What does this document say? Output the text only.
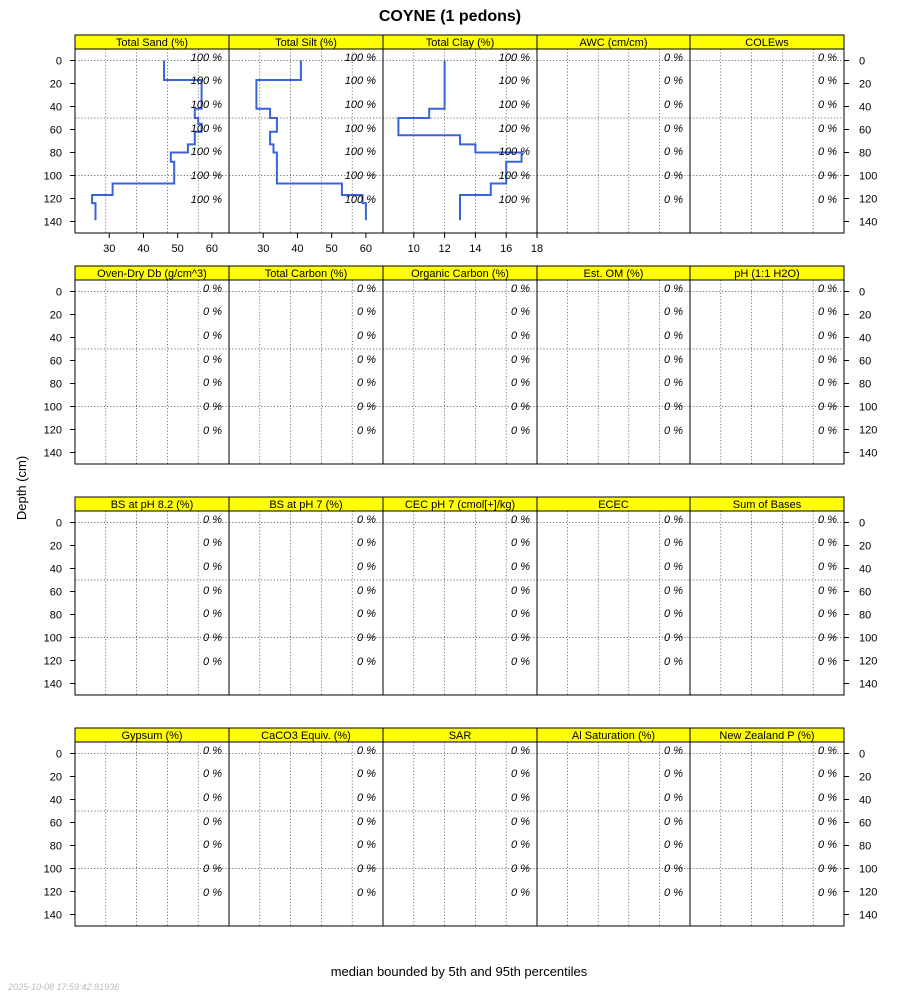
COYNE (1 pedons)
Depth (cm)
median bounded by 5th and 95th percentiles
2025-10-08 17:59:42.81936
100 %
100 %
100 %
100 %
100 %
100 %
100 %
Total Sand (%)
30 40 50 60
100 %
100 %
100 %
100 %
100 %
100 %
100 %
Total Silt (%)
30 40 50 60
100 %
100 %
100 %
100 %
100 %
100 %
100 %
Total Clay (%)
10 12 14 16 18
0 %
0 %
0 %
0 %
0 %
0 %
0 %
AWC (cm/cm)
0 %
0 %
0 %
0 %
0 %
0 %
0 %
COLEws
0 %
0 %
0 %
0 %
0 %
0 %
0 %
Oven-Dry Db (g/cm^3)
0 %
0 %
0 %
0 %
0 %
0 %
0 %
Total Carbon (%)
0 %
0 %
0 %
0 %
0 %
0 %
0 %
Organic Carbon (%)
0 %
0 %
0 %
0 %
0 %
0 %
0 %
Est. OM (%)
0 %
0 %
0 %
0 %
0 %
0 %
0 %
pH (1:1 H2O)
0 %
0 %
0 %
0 %
0 %
0 %
0 %
BS at pH 8.2 (%)
0 %
0 %
0 %
0 %
0 %
0 %
0 %
BS at pH 7 (%)
0 %
0 %
0 %
0 %
0 %
0 %
0 %
CEC pH 7 (cmol[+]/kg)
0 %
0 %
0 %
0 %
0 %
0 %
0 %
ECEC
0 %
0 %
0 %
0 %
0 %
0 %
0 %
Sum of Bases
0 %
0 %
0 %
0 %
0 %
0 %
0 %
Gypsum (%)
0 %
0 %
0 %
0 %
0 %
0 %
0 %
CaCO3 Equiv. (%)
0 %
0 %
0 %
0 %
0 %
0 %
0 %
SAR
0 %
0 %
0 %
0 %
0 %
0 %
0 %
Al Saturation (%)
0 %
0 %
0 %
0 %
0 %
0 %
0 %
New Zealand P (%)
0	0
20	20
40	40
60	60
80	80
100	100
120	120
140	140
0	0
20	20
40	40
60	60
80	80
100	100
120	120
140	140
0	0
20	20
40	40
60	60
80	80
100	100
120	120
140	140
0	0
20	20
40	40
60	60
80	80
100	100
120	120
140	140
